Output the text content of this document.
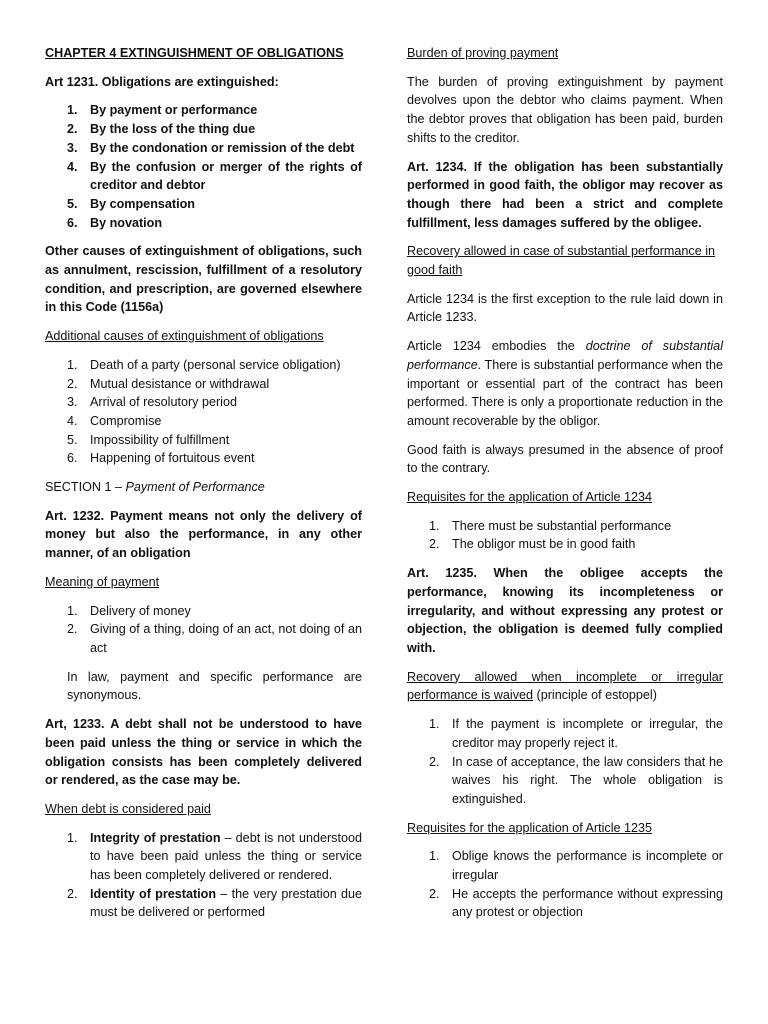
CHAPTER 4 EXTINGUISHMENT OF OBLIGATIONS

Art 1231. Obligations are extinguished:

1. By payment or performance
2. By the loss of the thing due
3. By the condonation or remission of the debt
4. By the confusion or merger of the rights of creditor and debtor
5. By compensation
6. By novation

Other causes of extinguishment of obligations, such as annulment, rescission, fulfillment of a resolutory condition, and prescription, are governed elsewhere in this Code (1156a)

Additional causes of extinguishment of obligations

1. Death of a party (personal service obligation)
2. Mutual desistance or withdrawal
3. Arrival of resolutory period
4. Compromise
5. Impossibility of fulfillment
6. Happening of fortuitous event

SECTION 1 – Payment of Performance

Art. 1232. Payment means not only the delivery of money but also the performance, in any other manner, of an obligation

Meaning of payment

1. Delivery of money
2. Giving of a thing, doing of an act, not doing of an act

In law, payment and specific performance are synonymous.

Art, 1233. A debt shall not be understood to have been paid unless the thing or service in which the obligation consists has been completely delivered or rendered, as the case may be.

When debt is considered paid

1. Integrity of prestation – debt is not understood to have been paid unless the thing or service has been completely delivered or rendered.
2. Identity of prestation – the very prestation due must be delivered or performed

Burden of proving payment

The burden of proving extinguishment by payment devolves upon the debtor who claims payment. When the debtor proves that obligation has been paid, burden shifts to the creditor.

Art. 1234. If the obligation has been substantially performed in good faith, the obligor may recover as though there had been a strict and complete fulfillment, less damages suffered by the obligee.

Recovery allowed in case of substantial performance in good faith

Article 1234 is the first exception to the rule laid down in Article 1233.

Article 1234 embodies the doctrine of substantial performance. There is substantial performance when the important or essential part of the contract has been performed. There is only a proportionate reduction in the amount recoverable by the obligor.

Good faith is always presumed in the absence of proof to the contrary.

Requisites for the application of Article 1234

1. There must be substantial performance
2. The obligor must be in good faith

Art. 1235. When the obligee accepts the performance, knowing its incompleteness or irregularity, and without expressing any protest or objection, the obligation is deemed fully complied with.

Recovery allowed when incomplete or irregular performance is waived (principle of estoppel)

1. If the payment is incomplete or irregular, the creditor may properly reject it.
2. In case of acceptance, the law considers that he waives his right. The whole obligation is extinguished.

Requisites for the application of Article 1235

1. Oblige knows the performance is incomplete or irregular
2. He accepts the performance without expressing any protest or objection
